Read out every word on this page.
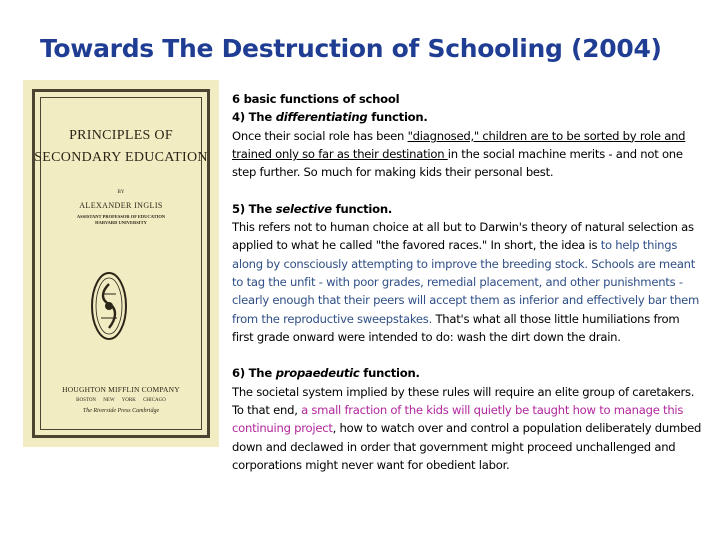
Towards The Destruction of Schooling (2004)
PRINCIPLES OF
SECONDARY EDUCATION
BY
ALEXANDER INGLIS
ASSISTANT PROFESSOR OF EDUCATION
HARVARD UNIVERSITY
HOUGHTON MIFFLIN COMPANY
BOSTON NEW YORK CHICAGO
The Riverside Press Cambridge

6 basic functions of school

4) The differentiating function.

Once their social role has been "diagnosed," children are to be sorted by role and trained only so far as their destination in the social machine merits - and not one step further. So much for making kids their personal best.

5) The selective function.

This refers not to human choice at all but to Darwin's theory of natural selection as applied to what he called "the favored races." In short, the idea is to help things along by consciously attempting to improve the breeding stock. Schools are meant to tag the unfit - with poor grades, remedial placement, and other punishments - clearly enough that their peers will accept them as inferior and effectively bar them from the reproductive sweepstakes. That's what all those little humiliations from first grade onward were intended to do: wash the dirt down the drain.

6) The propaedeutic function.

The societal system implied by these rules will require an elite group of caretakers. To that end, a small fraction of the kids will quietly be taught how to manage this continuing project, how to watch over and control a population deliberately dumbed down and declawed in order that government might proceed unchallenged and corporations might never want for obedient labor.
